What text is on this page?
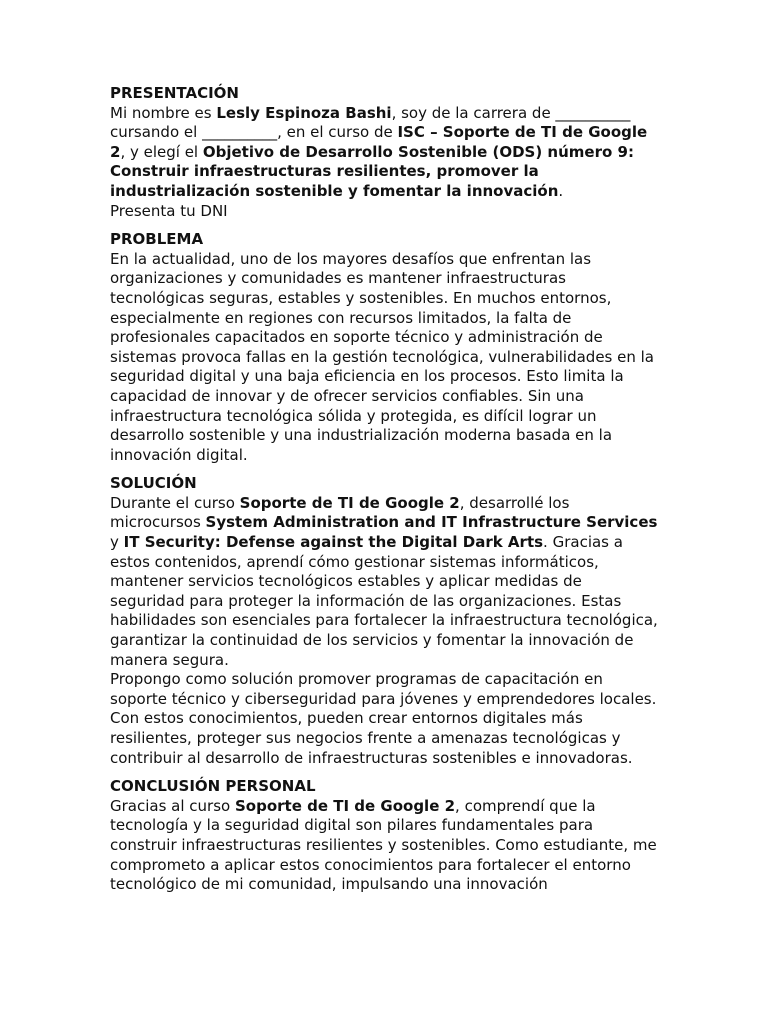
PRESENTACIÓN

Mi nombre es Lesly Espinoza Bashi, soy de la carrera de __________ cursando el __________, en el curso de ISC – Soporte de TI de Google 2, y elegí el Objetivo de Desarrollo Sostenible (ODS) número 9: Construir infraestructuras resilientes, promover la industrialización sostenible y fomentar la innovación.

Presenta tu DNI

PROBLEMA

En la actualidad, uno de los mayores desafíos que enfrentan las organizaciones y comunidades es mantener infraestructuras tecnológicas seguras, estables y sostenibles. En muchos entornos, especialmente en regiones con recursos limitados, la falta de profesionales capacitados en soporte técnico y administración de sistemas provoca fallas en la gestión tecnológica, vulnerabilidades en la seguridad digital y una baja eficiencia en los procesos. Esto limita la capacidad de innovar y de ofrecer servicios confiables. Sin una infraestructura tecnológica sólida y protegida, es difícil lograr un desarrollo sostenible y una industrialización moderna basada en la innovación digital.

SOLUCIÓN

Durante el curso Soporte de TI de Google 2, desarrollé los microcursos System Administration and IT Infrastructure Services y IT Security: Defense against the Digital Dark Arts. Gracias a estos contenidos, aprendí cómo gestionar sistemas informáticos, mantener servicios tecnológicos estables y aplicar medidas de seguridad para proteger la información de las organizaciones. Estas habilidades son esenciales para fortalecer la infraestructura tecnológica, garantizar la continuidad de los servicios y fomentar la innovación de manera segura.

Propongo como solución promover programas de capacitación en soporte técnico y ciberseguridad para jóvenes y emprendedores locales. Con estos conocimientos, pueden crear entornos digitales más resilientes, proteger sus negocios frente a amenazas tecnológicas y contribuir al desarrollo de infraestructuras sostenibles e innovadoras.

CONCLUSIÓN PERSONAL

Gracias al curso Soporte de TI de Google 2, comprendí que la tecnología y la seguridad digital son pilares fundamentales para construir infraestructuras resilientes y sostenibles. Como estudiante, me comprometo a aplicar estos conocimientos para fortalecer el entorno tecnológico de mi comunidad, impulsando una innovación
